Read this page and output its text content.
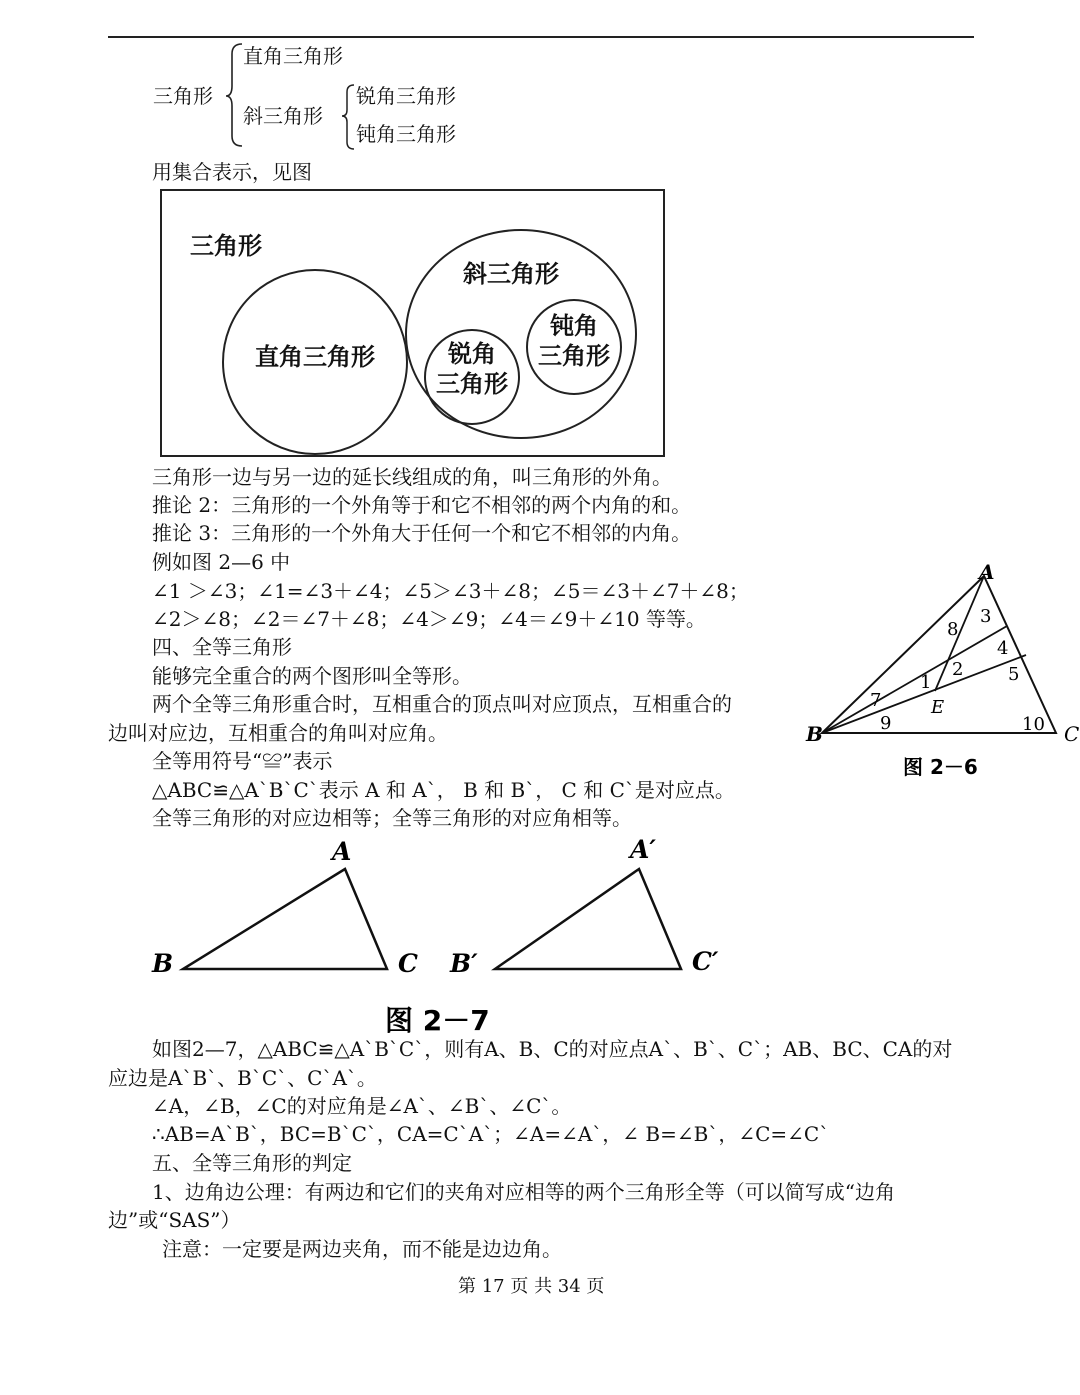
三角形
直角三角形
斜三角形
锐角三角形
钝角三角形
用集合表示，见图
三角形
直角三角形
斜三角形
锐角
三角形
钝角
三角形
三角形一边与另一边的延长线组成的角，叫三角形的外角。
推论 2：三角形的一个外角等于和它不相邻的两个内角的和。
推论 3：三角形的一个外角大于任何一个和它不相邻的内角。
例如图 2—6 中
∠1 ＞∠3；∠1=∠3＋∠4；∠5＞∠3＋∠8；∠5＝∠3＋∠7＋∠8；
∠2＞∠8；∠2＝∠7＋∠8；∠4＞∠9；∠4＝∠9＋∠10 等等。
四、全等三角形
能够完全重合的两个图形叫全等形。
两个全等三角形重合时，互相重合的顶点叫对应顶点，互相重合的
边叫对应边，互相重合的角叫对应角。
全等用符号“≌”表示
△ABC≌△A`B`C`表示 A 和 A`， B 和 B`， C 和 C`是对应点。
全等三角形的对应边相等；全等三角形的对应角相等。
A
B	C
E
1
2
3
4
5
7
8
9	10
图 2－6
A
B	C
A′
B′	C′
图 2－7
如图2—7，△ABC≌△A`B`C`，则有A、B、C的对应点A`、B`、C`；AB、BC、CA的对
应边是A`B`、B`C`、C`A`。
∠A，∠B，∠C的对应角是∠A`、∠B`、∠C`。
∴AB=A`B`，BC=B`C`，CA=C`A`；∠A=∠A`，∠ B=∠B`，∠C=∠C`
五、全等三角形的判定
1、边角边公理：有两边和它们的夹角对应相等的两个三角形全等（可以简写成“边角
边”或“SAS”）
注意：一定要是两边夹角，而不能是边边角。
第 17 页 共 34 页
